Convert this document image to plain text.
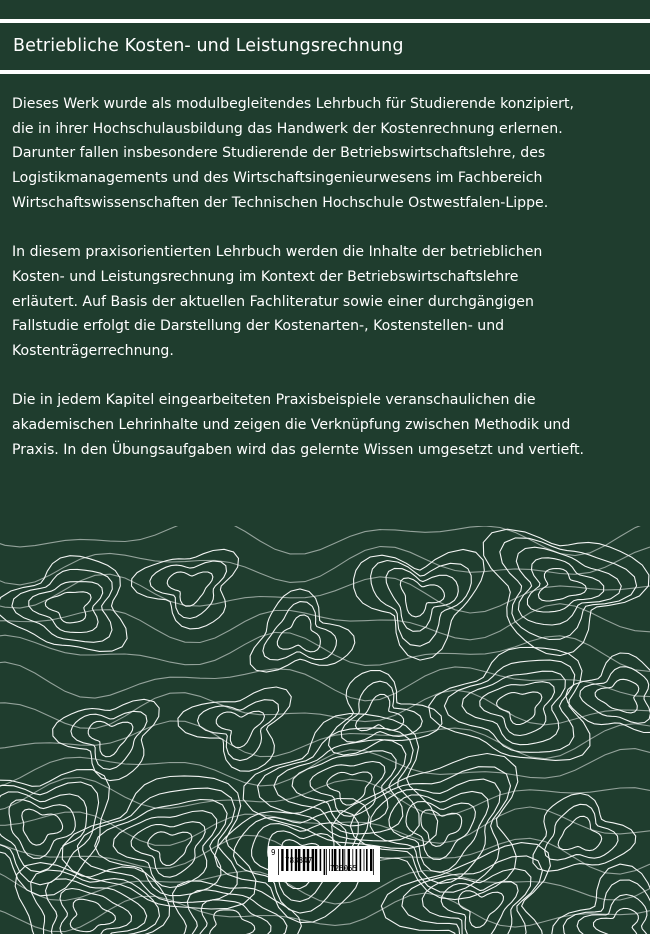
Betriebliche Kosten- und Leistungsrechnung

Dieses Werk wurde als modulbegleitendes Lehrbuch für Studierende konzipiert,
die in ihrer Hochschulausbildung das Handwerk der Kostenrechnung erlernen.
Darunter fallen insbesondere Studierende der Betriebswirtschaftslehre, des
Logistikmanagements und des Wirtschaftsingenieurwesens im Fachbereich
Wirtschaftswissenschaften der Technischen Hochschule Ostwestfalen-Lippe.

In diesem praxisorientierten Lehrbuch werden die Inhalte der betrieblichen
Kosten- und Leistungsrechnung im Kontext der Betriebswirtschaftslehre
erläutert. Auf Basis der aktuellen Fachliteratur sowie einer durchgängigen
Fallstudie erfolgt die Darstellung der Kostenarten-, Kostenstellen- und
Kostenträgerrechnung.

Die in jedem Kapitel eingearbeiteten Praxisbeispiele veranschaulichen die
akademischen Lehrinhalte und zeigen die Verknüpfung zwischen Methodik und
Praxis. In den Übungsaufgaben wird das gelernte Wissen umgesetzt und vertieft.

9

783347

726055
